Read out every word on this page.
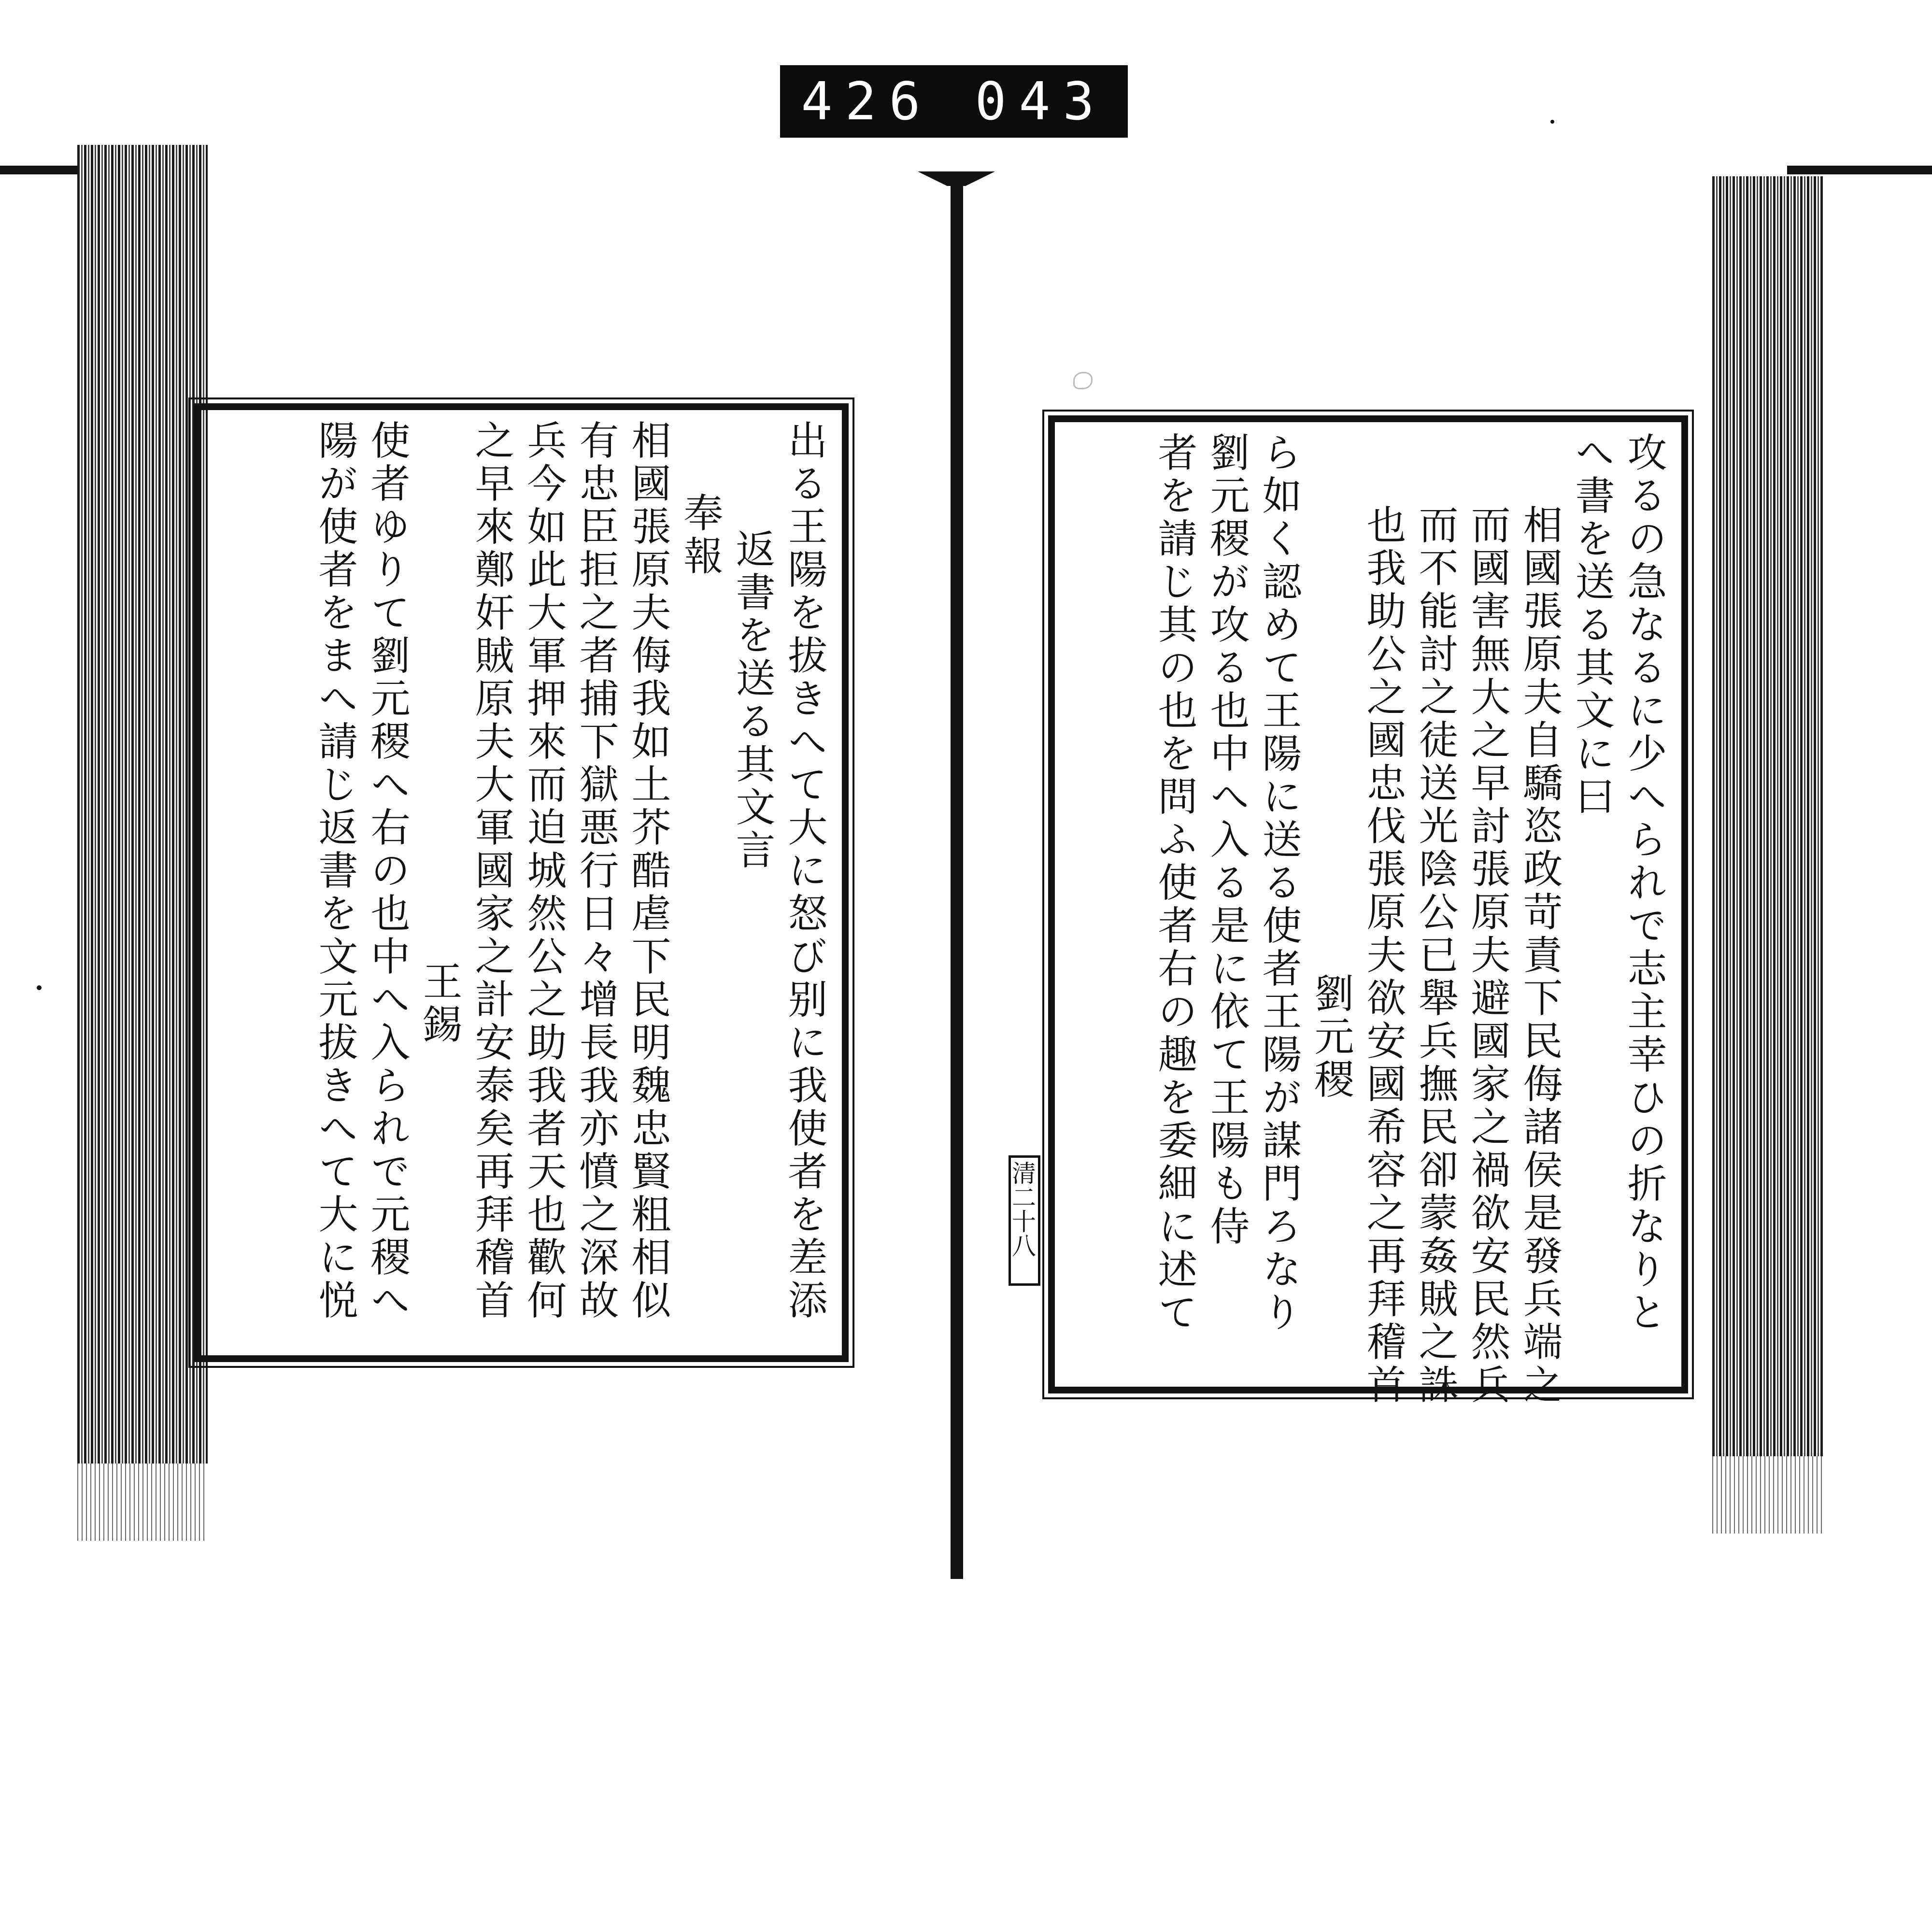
426 043
出る王陽を拔きへて大に怒び别に我使者を差添
返書を送る其文言
奉報
相國張原夫侮我如土芥酷虐下民明魏忠賢粗相似
有忠臣拒之者捕下獄悪行日々增長我亦憤之深故
兵今如此大軍押來而迫城然公之助我者天也歡何
之早來鄭奸賊原夫大軍國家之計安泰矣再拜稽首
王錫
使者ゆりて劉元稷へ右の也中へ入られで元稷へ
陽が使者をまへ請じ返書を文元拔きへて大に悦	攻るの急なるに少へられで志主幸ひの折なりと
へ書を送る其文に曰
相國張原夫自驕恣政苛責下民侮諸侯是發兵端之
而國害無大之早討張原夫避國家之禍欲安民然兵
而不能討之徒送光陰公已舉兵撫民卻蒙姦賊之誅
也我助公之國忠伐張原夫欲安國希容之再拜稽首
劉元稷
ら如く認めて王陽に送る使者王陽が謀門ろなり
劉元稷が攻る也中へ入る是に依て王陽も侍
者を請じ其の也を問ふ使者右の趣を委細に述て
清二十八
